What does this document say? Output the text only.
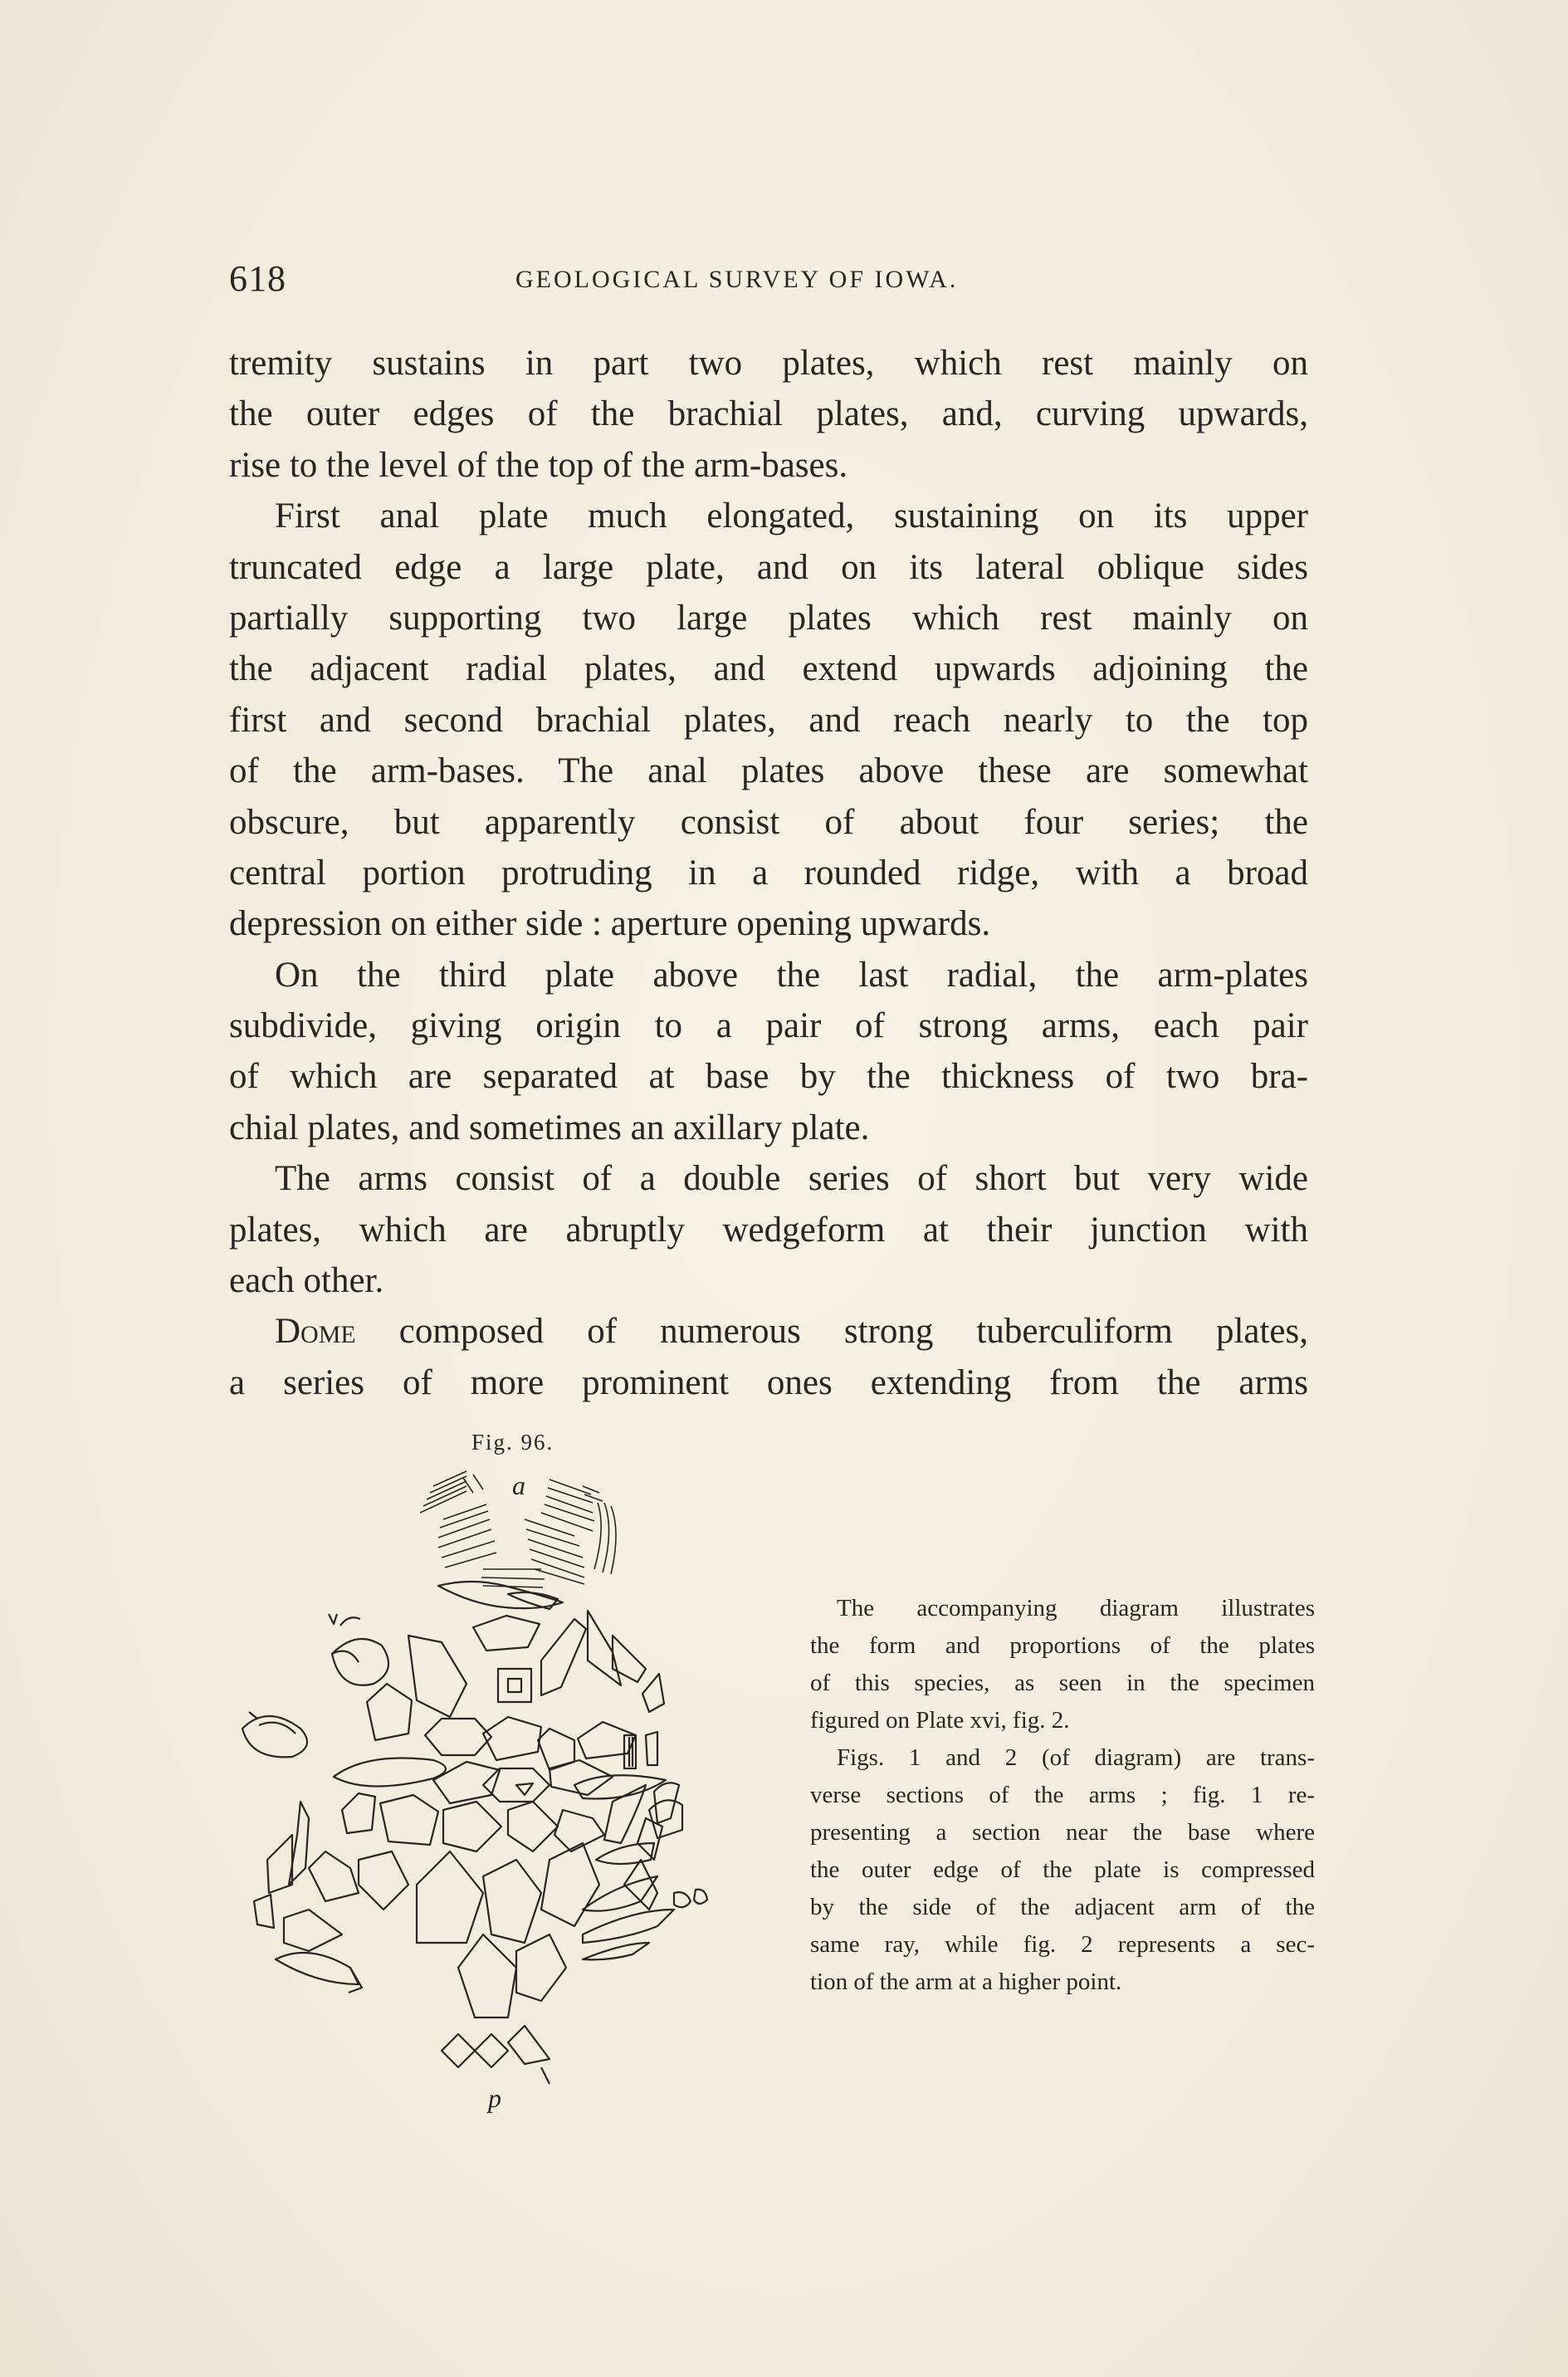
618	GEOLOGICAL SURVEY OF IOWA.
tremity sustains in part two plates, which rest mainly on
the outer edges of the brachial plates, and, curving upwards,
rise to the level of the top of the arm-bases.
First anal plate much elongated, sustaining on its upper
truncated edge a large plate, and on its lateral oblique sides
partially supporting two large plates which rest mainly on
the adjacent radial plates, and extend upwards adjoining the
first and second brachial plates, and reach nearly to the top
of the arm-bases. The anal plates above these are somewhat
obscure, but apparently consist of about four series; the
central portion protruding in a rounded ridge, with a broad
depression on either side : aperture opening upwards.
On the third plate above the last radial, the arm-plates
subdivide, giving origin to a pair of strong arms, each pair
of which are separated at base by the thickness of two bra-
chial plates, and sometimes an axillary plate.
The arms consist of a double series of short but very wide
plates, which are abruptly wedgeform at their junction with
each other.
Dome composed of numerous strong tuberculiform plates,
a series of more prominent ones extending from the arms
Fig. 96.
a
p
The accompanying diagram illustrates
the form and proportions of the plates
of this species, as seen in the specimen
figured on Plate xvi, fig. 2.
Figs. 1 and 2 (of diagram) are trans-
verse sections of the arms ; fig. 1 re-
presenting a section near the base where
the outer edge of the plate is compressed
by the side of the adjacent arm of the
same ray, while fig. 2 represents a sec-
tion of the arm at a higher point.
